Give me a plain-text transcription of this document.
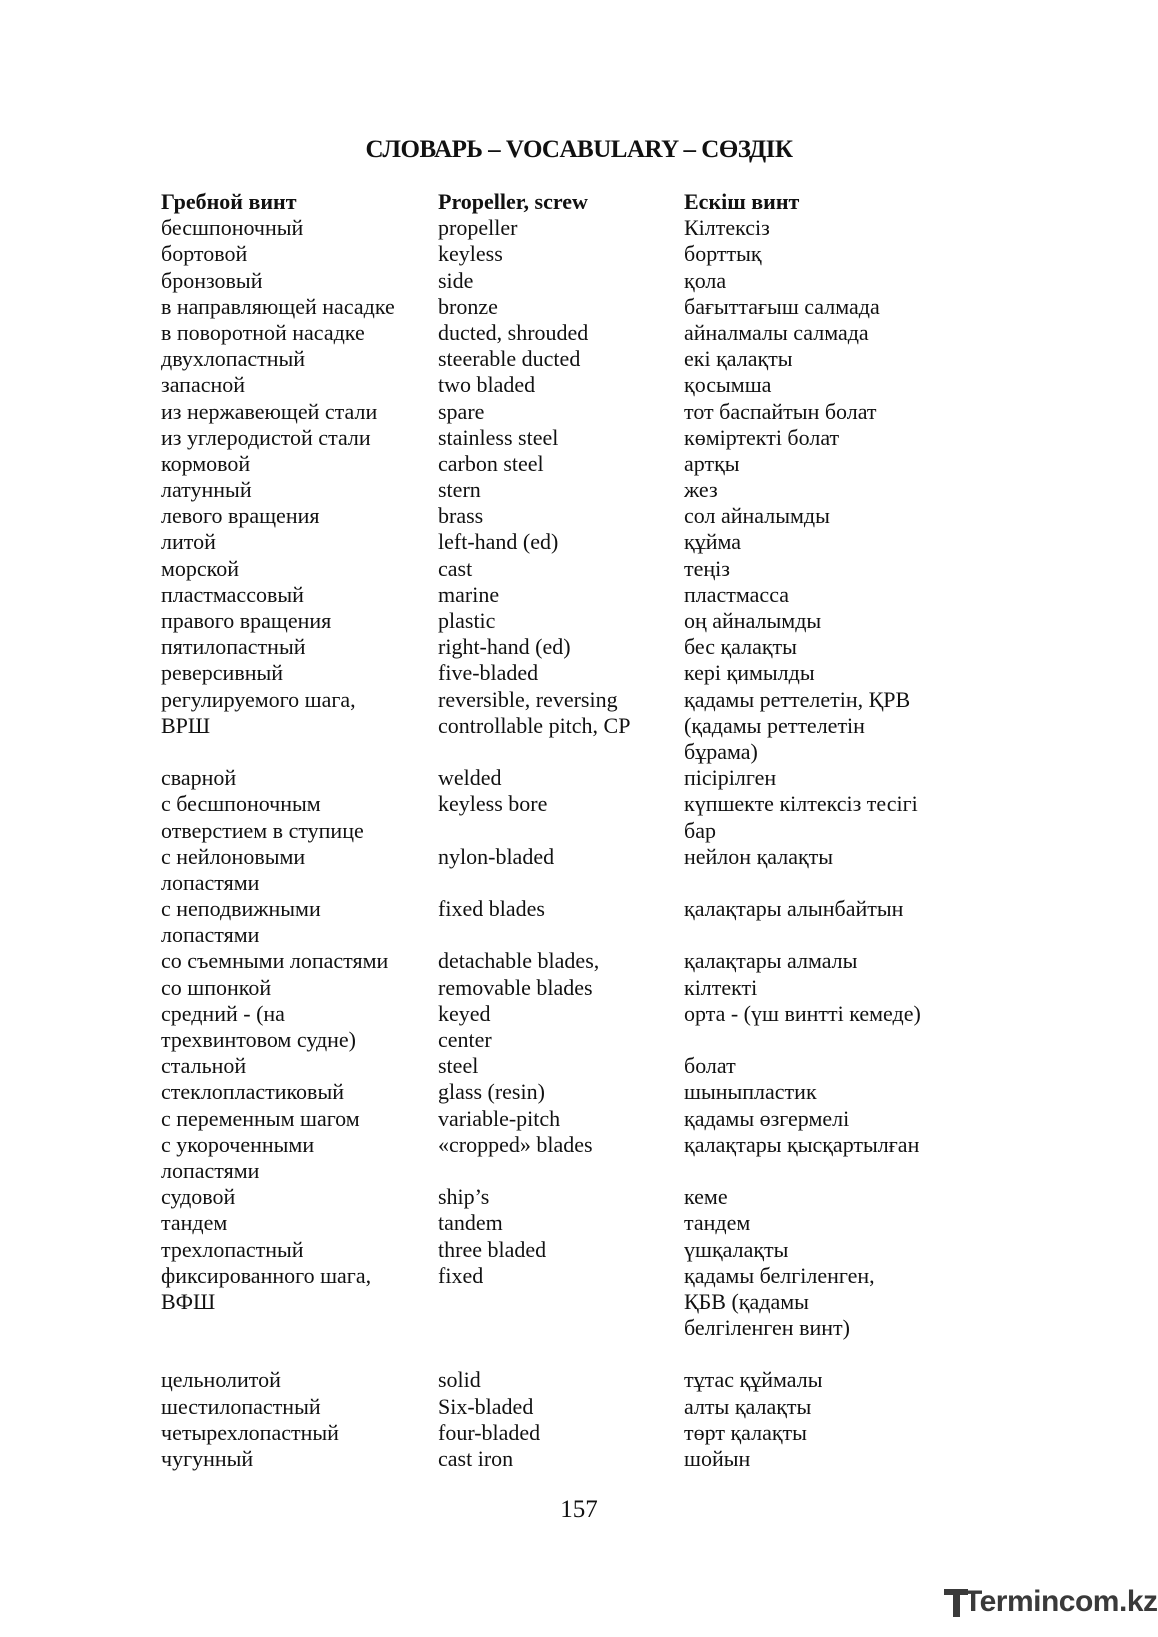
СЛОВАРЬ – VOCABULARY – СӨЗДІК
Гребной винт
бесшпоночный
бортовой
бронзовый
в направляющей насадке
в поворотной насадке
двухлопастный
запасной
из нержавеющей стали
из углеродистой стали
кормовой
латунный
левого вращения
литой
морской
пластмассовый
правого вращения
пятилопастный
реверсивный
регулируемого шага,
ВРШ
сварной
с бесшпоночным
отверстием в ступице
с нейлоновыми
лопастями
с неподвижными
лопастями
со съемными лопастями
со шпонкой
средний - (на
трехвинтовом судне)
стальной
стеклопластиковый
с переменным шагом
с укороченными
лопастями
судовой
тандем
трехлопастный
фиксированного шага,
ВФШ
цельнолитой
шестилопастный
четырехлопастный
чугунный
Propeller, screw
propeller
keyless
side
bronze
ducted, shrouded
steerable ducted
two bladed
spare
stainless steel
carbon steel
stern
brass
left-hand (ed)
cast
marine
plastic
right-hand (ed)
five-bladed
reversible, reversing
controllable pitch, CP
welded
keyless bore
nylon-bladed
fixed blades
detachable blades,
removable blades
keyed
center
steel
glass (resin)
variable-pitch
«cropped» blades
ship’s
tandem
three bladed
fixed
solid
Six-bladed
four-bladed
cast iron
Ескіш винт
Кілтексіз
борттық
қола
бағыттағыш салмада
айналмалы салмада
екі қалақты
қосымша
тот баспайтын болат
көміртекті болат
артқы
жез
сол айналымды
құйма
теңіз
пластмасса
оң айналымды
бес қалақты
кері қимылды
қадамы реттелетін, ҚРВ
(қадамы реттелетін
бұрама)
пісірілген
күпшекте кілтексіз тесігі
бар
нейлон қалақты
қалақтары алынбайтын
қалақтары алмалы
кілтекті
орта - (үш винтті кемеде)
болат
шыныпластик
қадамы өзгермелі
қалақтары қысқартылған
кеме
тандем
үшқалақты
қадамы белгіленген,
ҚБВ (қадамы
белгіленген винт)
тұтас құймалы
алты қалақты
төрт қалақты
шойын
157
Termincom.kz
